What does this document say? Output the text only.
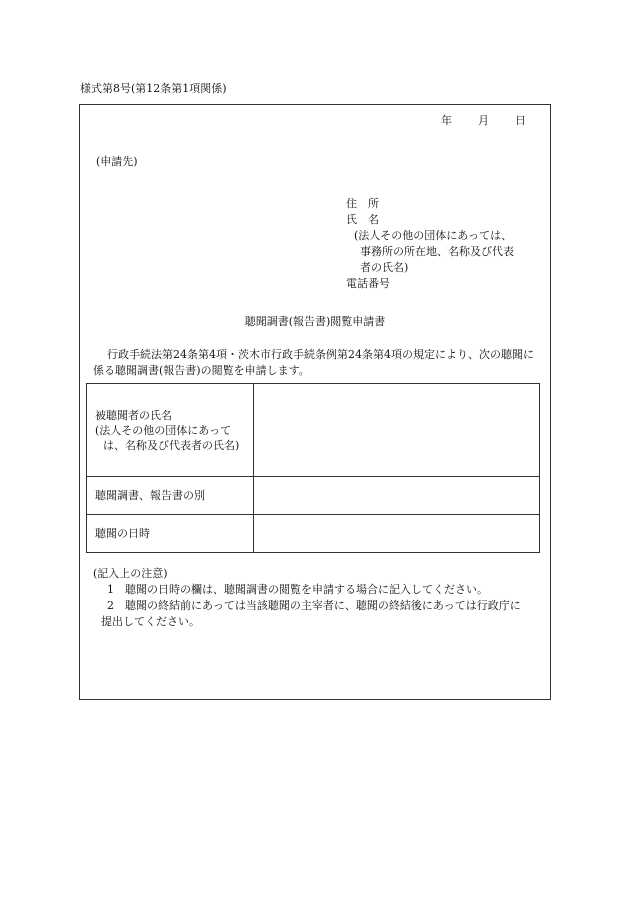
様式第8号(第12条第1項関係)
年 月 日
(申請先)
住　所
氏　名
(法人その他の団体にあっては、
事務所の所在地、名称及び代表
者の氏名)
電話番号
聴聞調書(報告書)閲覧申請書
行政手続法第24条第4項・茨木市行政手続条例第24条第4項の規定により、次の聴聞に
係る聴聞調書(報告書)の閲覧を申請します。
被聴聞者の氏名
(法人その他の団体にあって
は、名称及び代表者の氏名)	

聴聞調書、報告書の別	
聴聞の日時	
(記入上の注意)
1　聴聞の日時の欄は、聴聞調書の閲覧を申請する場合に記入してください。
2　聴聞の終結前にあっては当該聴聞の主宰者に、聴聞の終結後にあっては行政庁に
提出してください。
